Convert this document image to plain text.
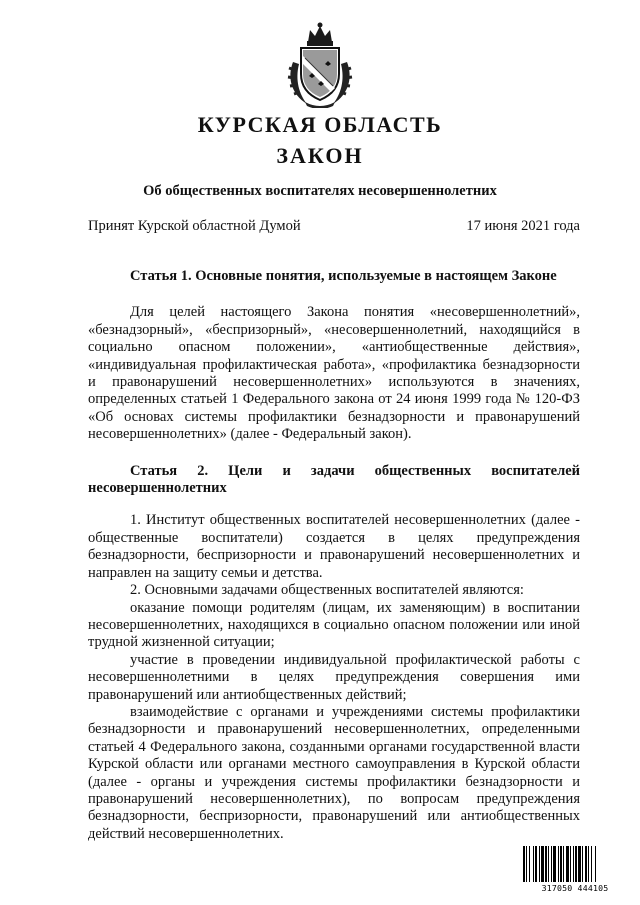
КУРСКАЯ ОБЛАСТЬ
ЗАКОН
Об общественных воспитателях несовершеннолетних
Принят Курской областной Думой	17 июня 2021 года
Статья 1. Основные понятия, используемые в настоящем Законе

Для целей настоящего Закона понятия «несовершеннолетний», «безнадзорный», «беспризорный», «несовершеннолетний, находящийся в социально опасном положении», «антиобщественные действия», «индивидуальная профилактическая работа», «профилактика безнадзорности и правонарушений несовершеннолетних» используются в значениях, определенных статьей 1 Федерального закона от 24 июня 1999 года № 120-ФЗ «Об основах системы профилактики безнадзорности и правонарушений несовершеннолетних» (далее - Федеральный закон).

Статья 2. Цели и задачи общественных воспитателей несовершеннолетних

1. Институт общественных воспитателей несовершеннолетних (далее - общественные воспитатели) создается в целях предупреждения безнадзорности, беспризорности и правонарушений несовершеннолетних и направлен на защиту семьи и детства.

2. Основными задачами общественных воспитателей являются:

оказание помощи родителям (лицам, их заменяющим) в воспитании несовершеннолетних, находящихся в социально опасном положении или иной трудной жизненной ситуации;

участие в проведении индивидуальной профилактической работы с несовершеннолетними в целях предупреждения совершения ими правонарушений или антиобщественных действий;

взаимодействие с органами и учреждениями системы профилактики безнадзорности и правонарушений несовершеннолетних, определенными статьей 4 Федерального закона, созданными органами государственной власти Курской области или органами местного самоуправления в Курской области (далее - органы и учреждения системы профилактики безнадзорности и правонарушений несовершеннолетних), по вопросам предупреждения безнадзорности, беспризорности, правонарушений или антиобщественных действий несовершеннолетних.

317050 444105
